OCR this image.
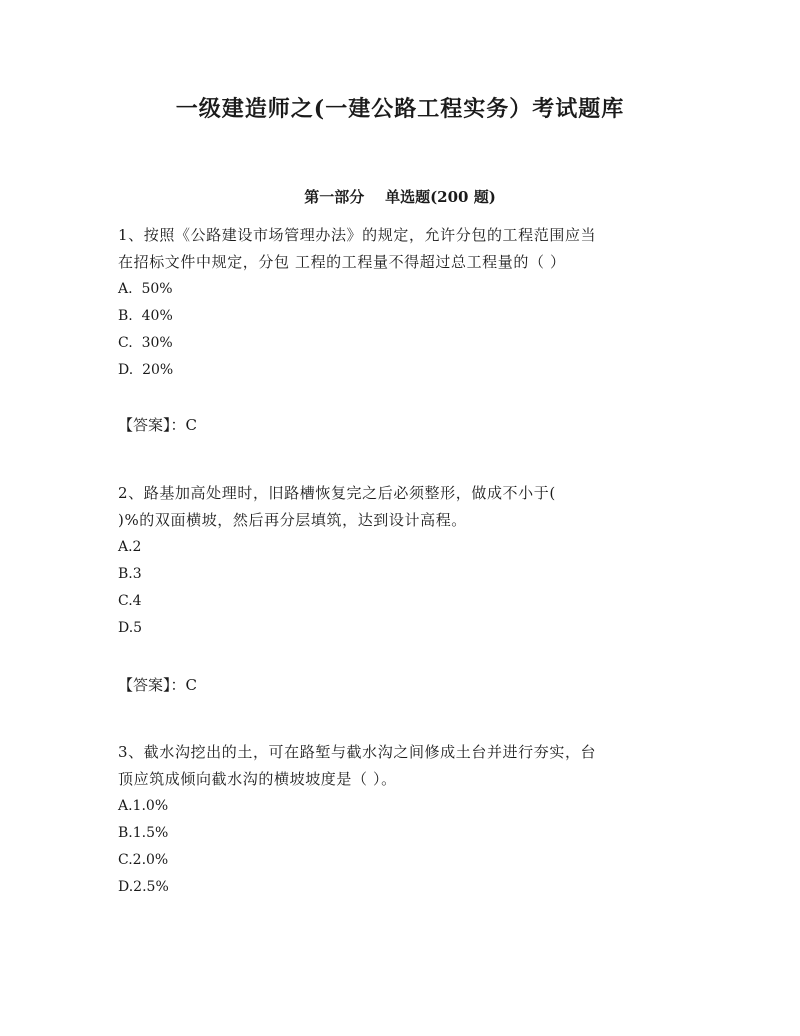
一级建造师之(一建公路工程实务）考试题库
第一部分    单选题(200 题)
1、按照《公路建设市场管理办法》的规定，允许分包的工程范围应当
在招标文件中规定，分包 工程的工程量不得超过总工程量的（ ）
A.  50%
B.  40%
C.  30%
D.  20%
【答案】：C
2、路基加高处理时，旧路槽恢复完之后必须整形，做成不小于(
)%的双面横坡，然后再分层填筑，达到设计高程。
A.2
B.3
C.4
D.5
【答案】：C
3、截水沟挖出的土，可在路堑与截水沟之间修成土台并进行夯实，台
顶应筑成倾向截水沟的横坡坡度是（ ）。
A.1.0%
B.1.5%
C.2.0%
D.2.5%
